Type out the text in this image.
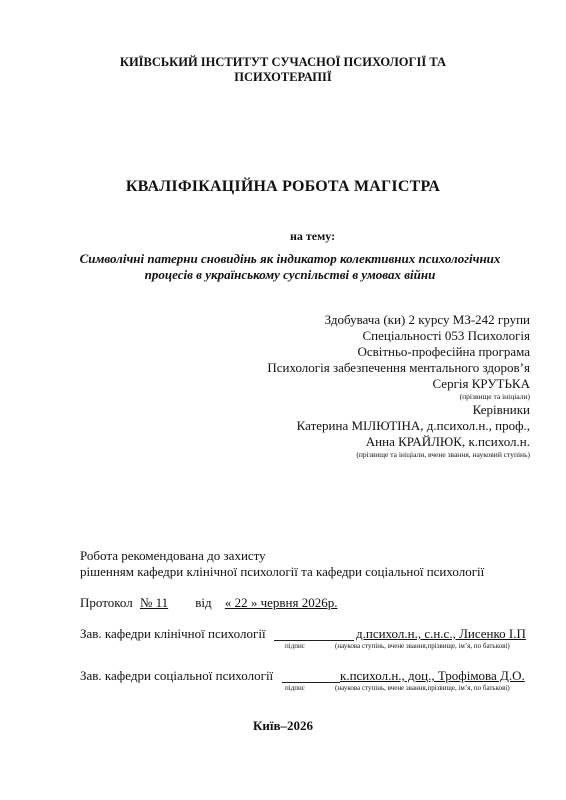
КИЇВСЬКИЙ ІНСТИТУТ СУЧАСНОЇ ПСИХОЛОГІЇ ТА
ПСИХОТЕРАПІЇ
КВАЛІФІКАЦІЙНА РОБОТА МАГІСТРА
на тему:
Символічні патерни сновидінь як індикатор колективних психологічних
процесів в українському суспільстві в умовах війни
Здобувача (ки) 2 курсу МЗ-242 групи
Спеціальності 053 Психологія
Освітньо-професійна програма
Психологія забезпечення ментального здоров’я
Сергія КРУТЬКА
(прізвище та ініціали)
Керівники
Катерина МІЛЮТІНА, д.психол.н., проф.,
Анна КРАЙЛЮК, к.психол.н.
(прізвище та ініціали, вчене звання, науковий ступінь)
Робота рекомендована до захисту
рішенням кафедри клінічної психології та кафедри соціальної психології
Протокол № 11 від « 22 » червня 2026р.
Зав. кафедри клінічної психології	д.психол.н., с.н.с., Лисенко І.П
підпис	(наукова ступінь, вчене звання,прізвище, ім’я, по батькові)
Зав. кафедри соціальної психології	к.психол.н., доц., Трофімова Д.О.
підпис	(наукова ступінь, вчене звання,прізвище, ім’я, по батькові)
Київ–2026
